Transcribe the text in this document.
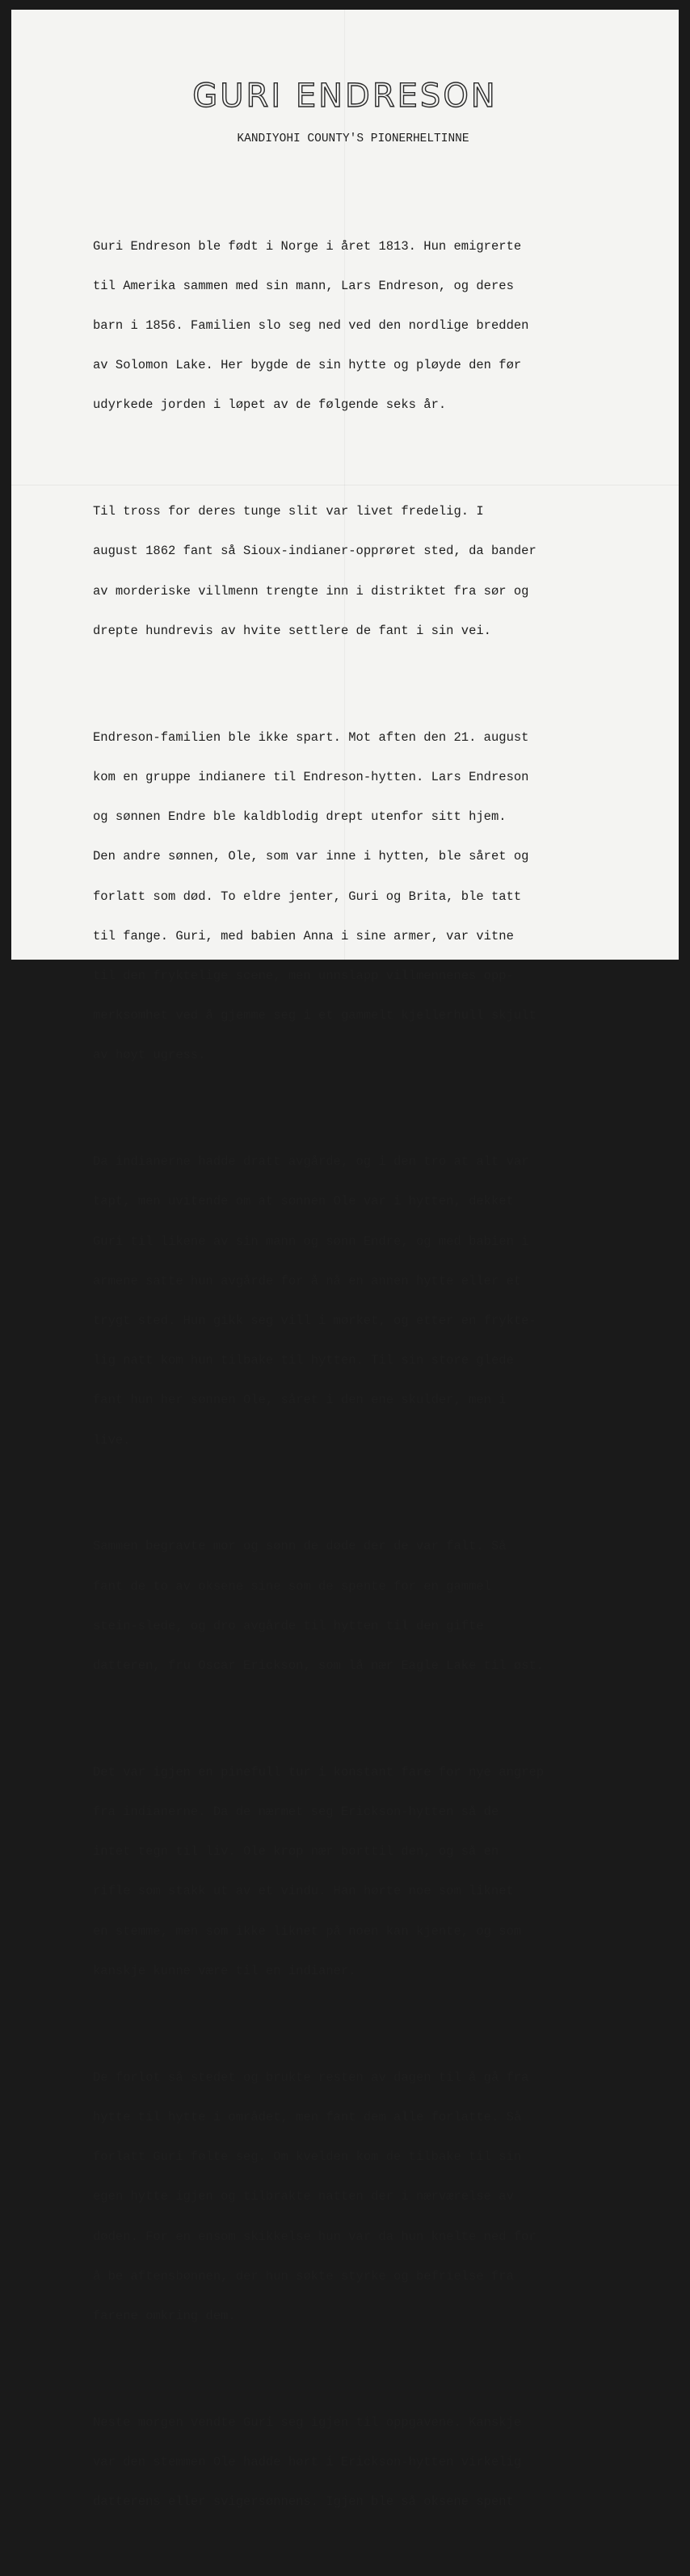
GURI ENDRESON
KANDIYOHI COUNTY'S PIONERHELTINNE

Guri Endreson ble født i Norge i året 1813. Hun emigrerte

til Amerika sammen med sin mann, Lars Endreson, og deres

barn i 1856. Familien slo seg ned ved den nordlige bredden

av Solomon Lake. Her bygde de sin hytte og pløyde den før

udyrkede jorden i løpet av de følgende seks år.

Til tross for deres tunge slit var livet fredelig. I

august 1862 fant så Sioux-indianer-opprøret sted, da bander

av morderiske villmenn trengte inn i distriktet fra sør og

drepte hundrevis av hvite settlere de fant i sin vei.

Endreson-familien ble ikke spart. Mot aften den 21. august

kom en gruppe indianere til Endreson-hytten. Lars Endreson

og sønnen Endre ble kaldblodig drept utenfor sitt hjem.

Den andre sønnen, Ole, som var inne i hytten, ble såret og

forlatt som død. To eldre jenter, Guri og Brita, ble tatt

til fange. Guri, med babien Anna i sine armer, var vitne

til den fryktelige scene, men unnslapp villmennenes opp-

merksomhet ved å gjemme seg i et gammelt kjellerhull skjult

av høyt ugress.

Da indianerne hadde dratt avgårde, og i den tro at alt var

tapt, men uvitende om at sønnen Ole var i hytten, dekket

Guri til likene av sin mann og sønn Endre, og med babien i

armene satte hun avgårde for å nå en annen hytte eller et

trygt sted. Hun gikk seg vill i mørket, og etter en frykte-

lig natt kom hun tilbake til hytten. Til sin store glede

fant hun her sønnen Ole, såret i den ene skulder, men i

live.

Sammen begravte mor og sønn de døde der de var falt. Så

fant de to av oksene sine som de spente for en gammel

stein-slede, og dro avgårde til hytten til den gifte

datteren, fru Oscar Erickson, som lå nær Eagle Lake til øst.

Det var igjen en pinefull tur i konstant fare for nye angrep

fra indianerne. Da de nærmet seg Erickson-hytten så de

intet tegn til liv. Ole krøp nær borttil den, og så en

rifle som stakk ut av et vindu. Han hørte noe som liknet

en stemme, men som ikke liknet på noen kan kjente, og som

kanskje kunne være til en indianer.

De forlot så stedet og brukte resten av dagen til å gå fra

hytte til hytte i området, men fant dem alle forlatte. Så

forlatt Guri følte seg. Om kvelden kom de tilbake til sin

egen hytte igjen og tilbrakte natten der i nærværelse av

døden. For en ensom skikkelse hun var da hun knelte ned for

å be aftensbønnen, der hun søkte styrke og befrielse fra

farene omkring dem.

Neste morgen vendte Guri seg igjen til oppgavene. Kanskje

var den stemmen Ole hadde hørt i Erickson-hytten virkelig

datterens eller svigersønnens. Igjen ble så oksene spent
